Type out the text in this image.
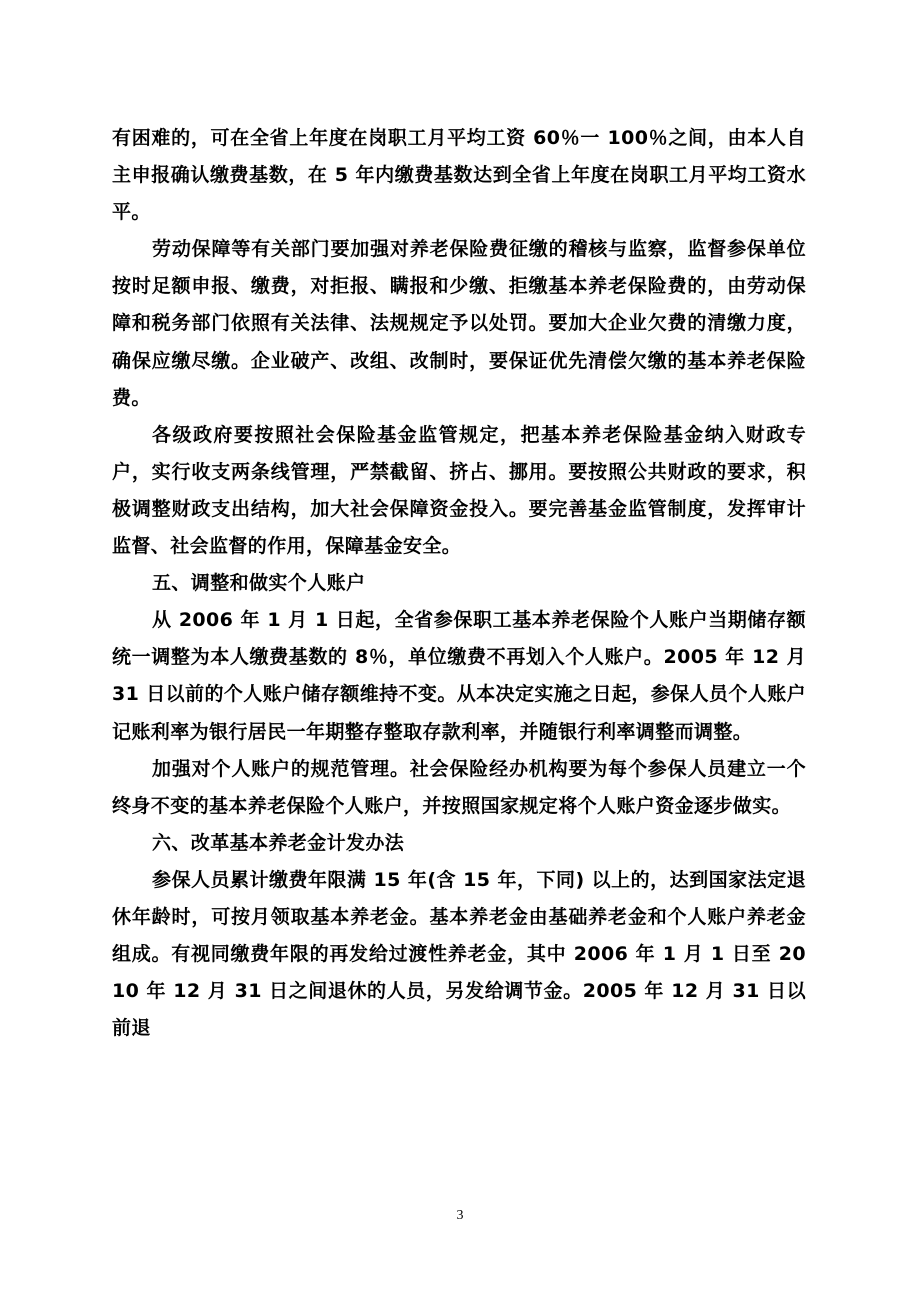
有困难的，可在全省上年度在岗职工月平均工资 60％一 100％之间，由本人自主申报确认缴费基数，在 5 年内缴费基数达到全省上年度在岗职工月平均工资水平。

劳动保障等有关部门要加强对养老保险费征缴的稽核与监察，监督参保单位按时足额申报、缴费，对拒报、瞒报和少缴、拒缴基本养老保险费的，由劳动保障和税务部门依照有关法律、法规规定予以处罚。要加大企业欠费的清缴力度，确保应缴尽缴。企业破产、改组、改制时，要保证优先清偿欠缴的基本养老保险费。

各级政府要按照社会保险基金监管规定，把基本养老保险基金纳入财政专户，实行收支两条线管理，严禁截留、挤占、挪用。要按照公共财政的要求，积极调整财政支出结构，加大社会保障资金投入。要完善基金监管制度，发挥审计监督、社会监督的作用，保障基金安全。

五、调整和做实个人账户

从 2006 年 1 月 1 日起，全省参保职工基本养老保险个人账户当期储存额统一调整为本人缴费基数的 8％，单位缴费不再划入个人账户。2005 年 12 月 31 日以前的个人账户储存额维持不变。从本决定实施之日起，参保人员个人账户记账利率为银行居民一年期整存整取存款利率，并随银行利率调整而调整。

加强对个人账户的规范管理。社会保险经办机构要为每个参保人员建立一个终身不变的基本养老保险个人账户，并按照国家规定将个人账户资金逐步做实。

六、改革基本养老金计发办法

参保人员累计缴费年限满 15 年(含 15 年，下同) 以上的，达到国家法定退休年龄时，可按月领取基本养老金。基本养老金由基础养老金和个人账户养老金组成。有视同缴费年限的再发给过渡性养老金，其中 2006 年 1 月 1 日至 2010 年 12 月 31 日之间退休的人员，另发给调节金。2005 年 12 月 31 日以前退

3
